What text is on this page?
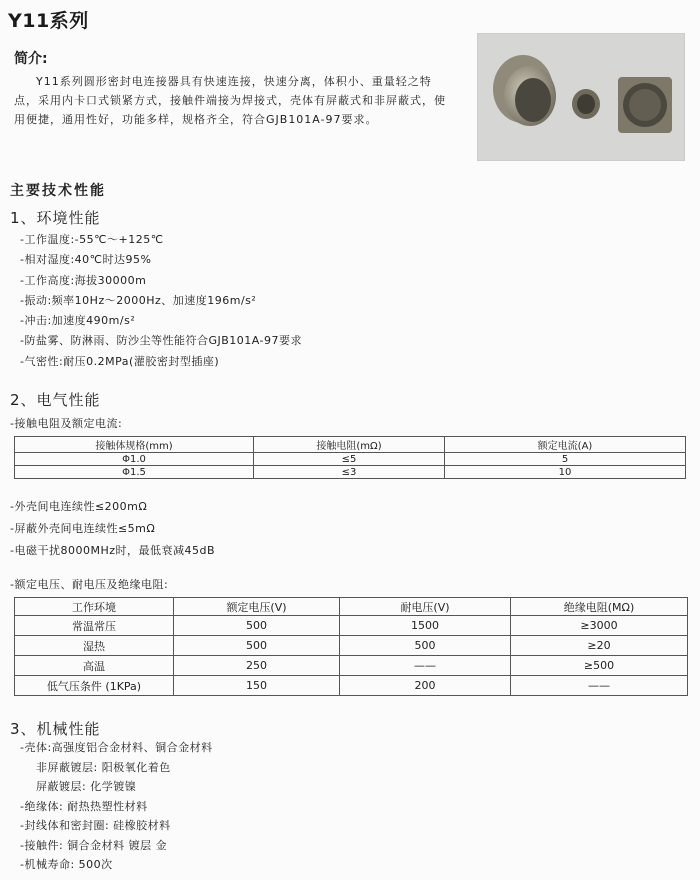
Y11系列
简介:
Y11系列圆形密封电连接器具有快速连接，快速分离，体积小、重量轻之特点，采用内卡口式锁紧方式，接触件端接为焊接式，壳体有屏蔽式和非屏蔽式，使用便捷，通用性好，功能多样，规格齐全，符合GJB101A-97要求。
主要技术性能
1、环境性能
-工作温度:-55℃～+125℃
-相对湿度:40℃时达95%
-工作高度:海拔30000m
-振动:频率10Hz～2000Hz、加速度196m/s²
-冲击:加速度490m/s²
-防盐雾、防淋雨、防沙尘等性能符合GJB101A-97要求
-气密性:耐压0.2MPa(灌胶密封型插座)
2、电气性能
-接触电阻及额定电流:
接触体规格(mm)	接触电阻(mΩ)	额定电流(A)
Φ1.0	≤5	5
Φ1.5	≤3	10
-外壳间电连续性≤200mΩ
-屏蔽外壳间电连续性≤5mΩ
-电磁干扰8000MHz时，最低衰减45dB
-额定电压、耐电压及绝缘电阻:
工作环境	额定电压(V)	耐电压(V)	绝缘电阻(MΩ)
常温常压	500	1500	≥3000
湿热	500	500	≥20
高温	250	——	≥500
低气压条件 (1KPa)	150	200	——
3、机械性能
-壳体:高强度铝合金材料、铜合金材料
非屏蔽镀层: 阳极氧化着色
屏蔽镀层: 化学镀镍
-绝缘体: 耐热热塑性材料
-封线体和密封圈: 硅橡胶材料
-接触件: 铜合金材料 镀层 金
-机械寿命: 500次
